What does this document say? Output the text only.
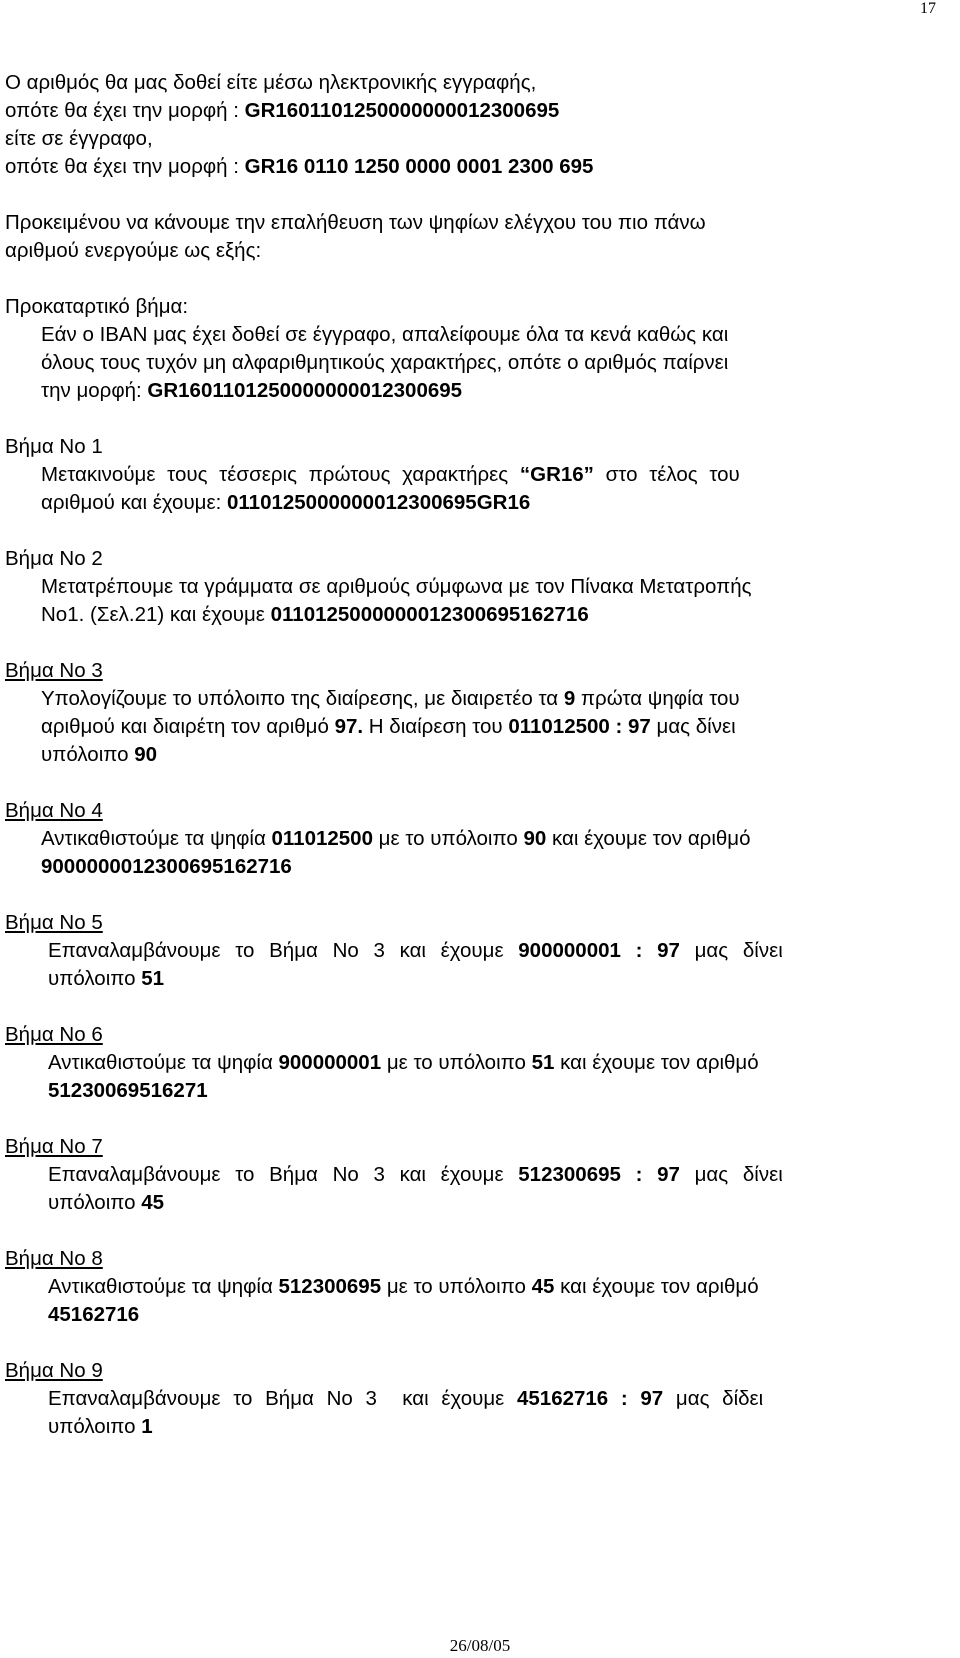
17
Ο αριθμός θα μας δοθεί είτε μέσω ηλεκτρονικής εγγραφής,
οπότε θα έχει την μορφή : GR1601101250000000012300695
είτε σε έγγραφο,
οπότε θα έχει την μορφή : GR16 0110 1250 0000 0001 2300 695
Προκειμένου να κάνουμε την επαλήθευση των ψηφίων ελέγχου του πιο πάνω
αριθμού ενεργούμε ως εξής:
Προκαταρτικό βήμα:
Εάν ο IBAN μας έχει δοθεί σε έγγραφο, απαλείφουμε όλα τα κενά καθώς και
όλους τους τυχόν μη αλφαριθμητικούς χαρακτήρες, οπότε ο αριθμός παίρνει
την μορφή: GR1601101250000000012300695
Βήμα Νο 1
Μετακινούμε τους τέσσερις πρώτους χαρακτήρες “GR16” στο τέλος του
αριθμού και έχουμε: 0110125000000012300695GR16
Βήμα Νο 2
Μετατρέπουμε τα γράμματα σε αριθμούς σύμφωνα με τον Πίνακα Μετατροπής
Νο1. (Σελ.21) και έχουμε 0110125000000012300695162716
Βήμα Νο 3
Υπολογίζουμε το υπόλοιπο της διαίρεσης, με διαιρετέο τα 9 πρώτα ψηφία του
αριθμού και διαιρέτη τον αριθμό 97. Η διαίρεση του 011012500 : 97 μας δίνει
υπόλοιπο 90
Βήμα Νο 4
Αντικαθιστούμε τα ψηφία 011012500 με το υπόλοιπο 90 και έχουμε τον αριθμό
9000000012300695162716
Βήμα Νο 5
Επαναλαμβάνουμε το Βήμα Νο 3 και έχουμε 900000001 : 97 μας δίνει
υπόλοιπο 51
Βήμα Νο 6
Αντικαθιστούμε τα ψηφία 900000001 με το υπόλοιπο 51 και έχουμε τον αριθμό
51230069516271
Βήμα Νο 7
Επαναλαμβάνουμε το Βήμα Νο 3 και έχουμε 512300695 : 97 μας δίνει
υπόλοιπο 45
Βήμα Νο 8
Αντικαθιστούμε τα ψηφία 512300695 με το υπόλοιπο 45 και έχουμε τον αριθμό
45162716
Βήμα Νο 9
Επαναλαμβάνουμε το Βήμα Νο 3  και έχουμε 45162716 : 97 μας δίδει
υπόλοιπο 1
26/08/05
